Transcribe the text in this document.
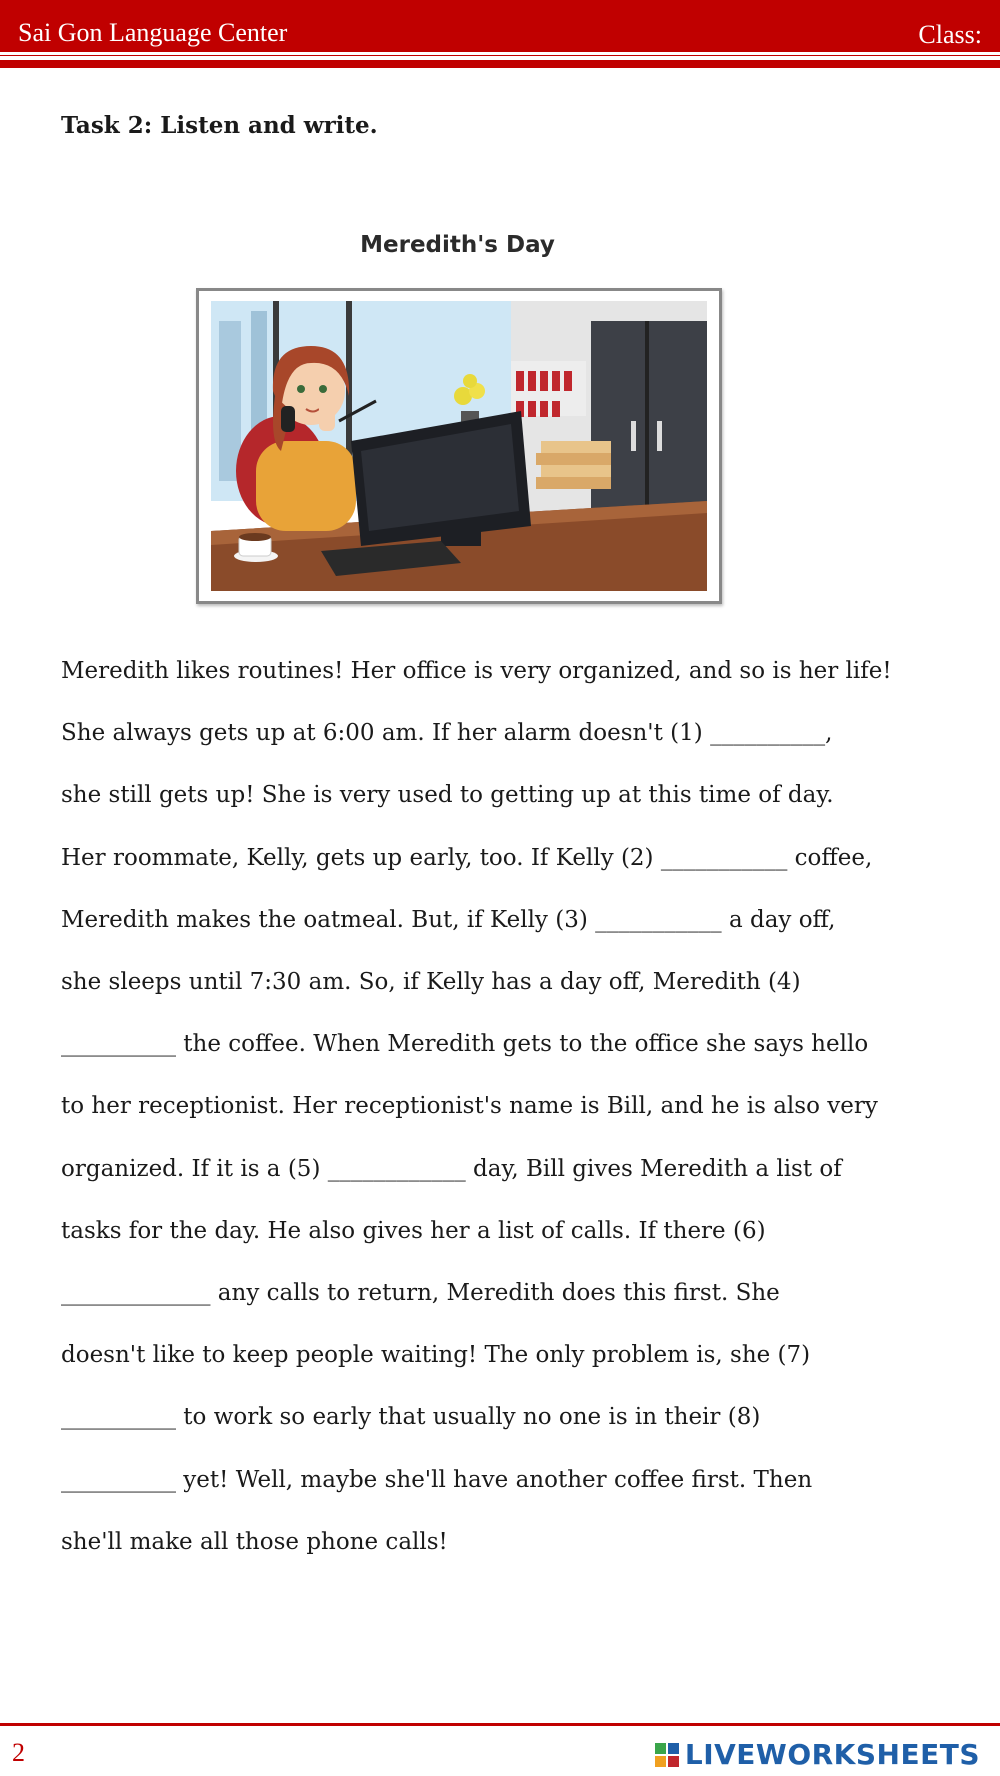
Sai Gon Language Center	Class:
Task 2: Listen and write.
Meredith's Day
Meredith likes routines! Her office is very organized, and so is her life!
She always gets up at 6:00 am. If her alarm doesn't (1) __________,
she still gets up! She is very used to getting up at this time of day.
Her roommate, Kelly, gets up early, too. If Kelly (2) ___________ coffee,
Meredith makes the oatmeal. But, if Kelly (3) ___________ a day off,
she sleeps until 7:30 am. So, if Kelly has a day off, Meredith (4)
__________ the coffee. When Meredith gets to the office she says hello
to her receptionist. Her receptionist's name is Bill, and he is also very
organized. If it is a (5) ____________ day, Bill gives Meredith a list of
tasks for the day. He also gives her a list of calls. If there (6)
_____________ any calls to return, Meredith does this first. She
doesn't like to keep people waiting! The only problem is, she (7)
__________ to work so early that usually no one is in their (8)
__________ yet! Well, maybe she'll have another coffee first. Then
she'll make all those phone calls!
2	LIVEWORKSHEETS
